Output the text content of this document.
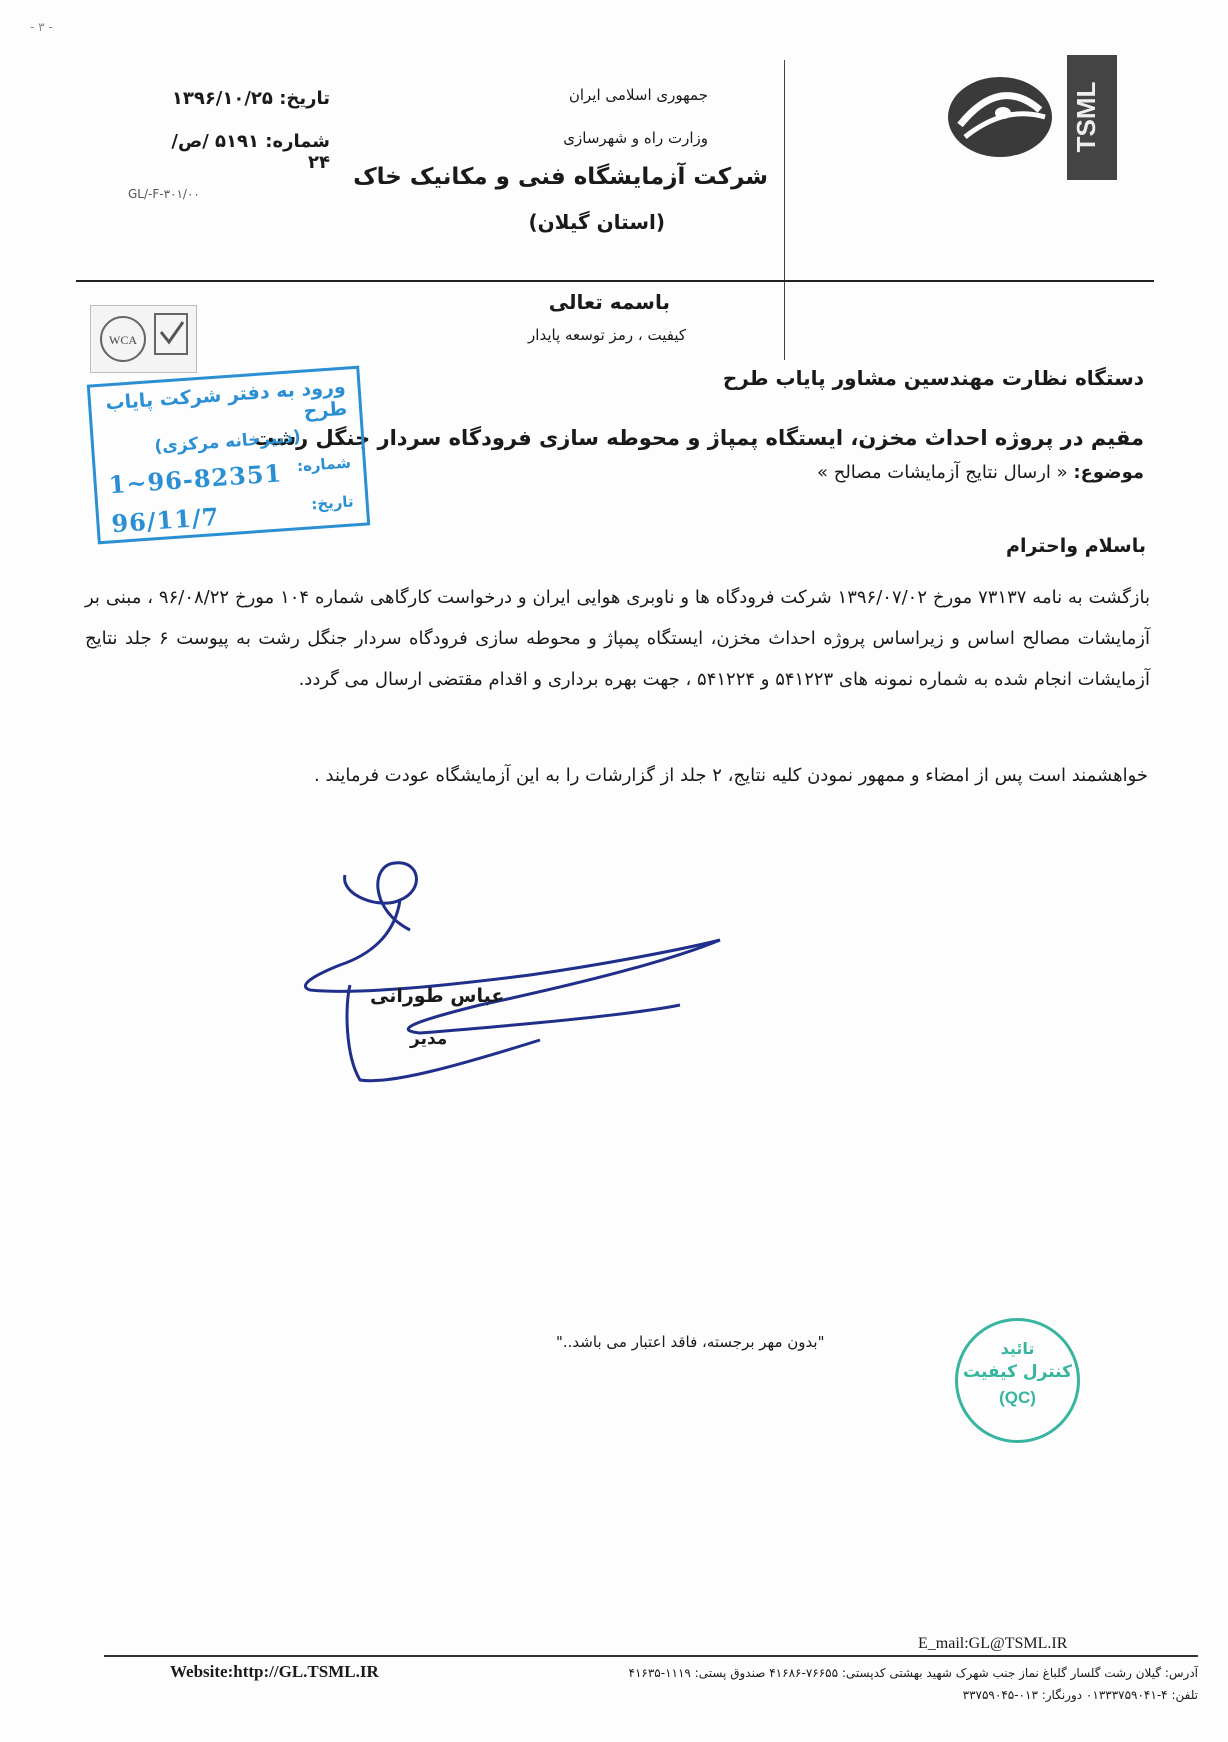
- ٣ -
جمهوری اسلامی ایران
وزارت راه و شهرسازی
شرکت آزمایشگاه فنی و مکانیک خاک
(استان گیلان)
تاریخ: ۱۳۹۶/۱۰/۲۵
شماره: ۵۱۹۱ /ص/۲۴
GL/-F-۳۰۱/۰۰
TSML
باسمه تعالی
کیفیت ، رمز توسعه پایدار
WCA
دستگاه نظارت مهندسین مشاور پایاب طرح
مقیم در پروژه احداث مخزن، ایستگاه پمپاژ و محوطه سازی فرودگاه سردار جنگل رشت
موضوع: « ارسال نتایج آزمایشات مصالح »
ورود به دفتر شرکت پایاب طرح
(دبیرخانه مرکزی)
شماره:
1~96-82351
تاریخ:
96/11/7
باسلام واحترام
بازگشت به نامه ۷۳۱۳۷ مورخ ۱۳۹۶/۰۷/۰۲ شرکت فرودگاه ها و ناوبری هوایی ایران و درخواست کارگاهی شماره ۱۰۴ مورخ ۹۶/۰۸/۲۲ ، مبنی بر آزمایشات مصالح اساس و زیراساس پروژه احداث مخزن، ایستگاه پمپاژ و محوطه سازی فرودگاه سردار جنگل رشت به پیوست ۶ جلد نتایج آزمایشات انجام شده به شماره نمونه های ۵۴۱۲۲۳ و ۵۴۱۲۲۴ ، جهت بهره برداری و اقدام مقتضی ارسال می گردد.
خواهشمند است پس از امضاء و ممهور نمودن کلیه نتایج، ۲ جلد از گزارشات را به این آزمایشگاه عودت فرمایند .
عباس طورانی
مدیر
"بدون مهر برجسته، فاقد اعتبار می باشد.."	تائید
کنترل کیفیت
(QC)
E_mail:GL@TSML.IR
Website:http://GL.TSML.IR	آدرس: گیلان رشت گلسار گلباغ نماز جنب شهرک شهید بهشتی کدپستی: ۷۶۶۵۵-۴۱۶۸۶ صندوق پستی: ۱۱۱۹-۴۱۶۳۵
تلفن: ۴-۰۱۳۳۳۷۵۹۰۴۱ دورنگار: ۰۱۳-۳۳۷۵۹۰۴۵
